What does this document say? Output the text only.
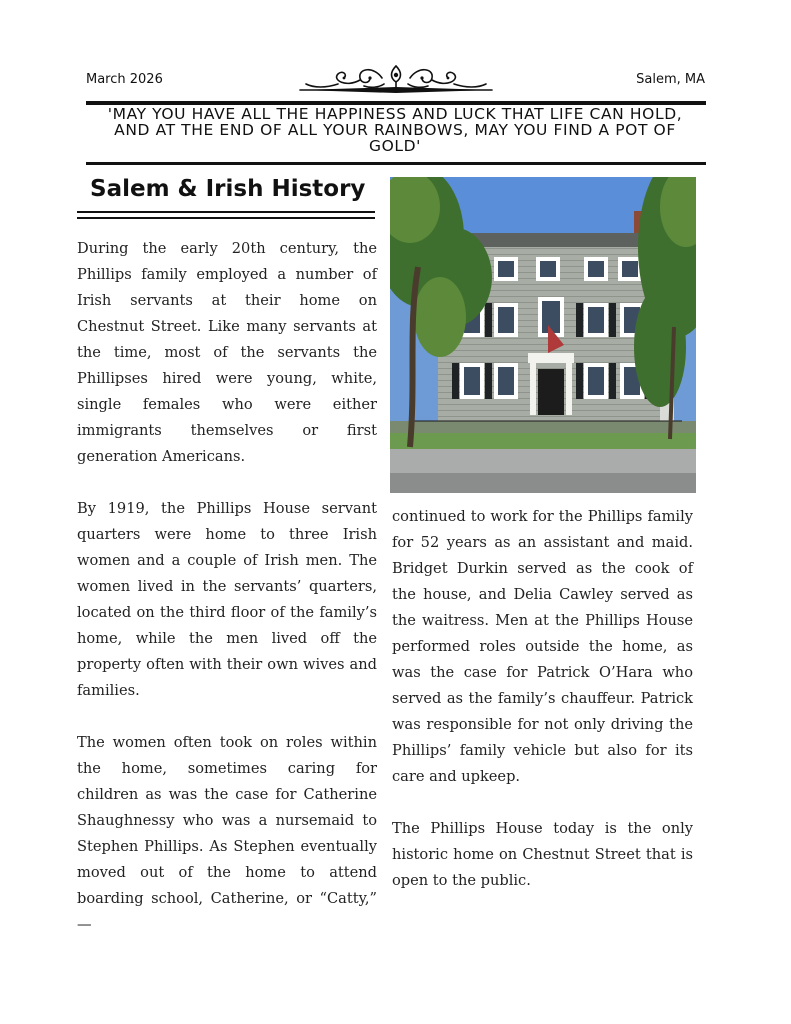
March 2026	Salem, MA
'MAY YOU HAVE ALL THE HAPPINESS AND LUCK THAT LIFE CAN HOLD, AND AT THE END OF ALL YOUR RAINBOWS, MAY YOU FIND A POT OF GOLD'
Salem & Irish History

During the early 20th century, the Phillips family employed a number of Irish servants at their home on Chestnut Street. Like many servants at the time, most of the servants the Phillipses hired were young, white, single females who were either immigrants themselves or first generation Americans.

By 1919, the Phillips House servant quarters were home to three Irish women and a couple of Irish men. The women lived in the servants’ quarters, located on the third floor of the family’s home, while the men lived off the property often with their own wives and families.

The women often took on roles within the home, sometimes caring for children as was the case for Catherine Shaughnessy who was a nursemaid to Stephen Phillips. As Stephen eventually moved out of the home to attend boarding school, Catherine, or “Catty,” —

continued to work for the Phillips family for 52 years as an assistant and maid. Bridget Durkin served as the cook of the house, and Delia Cawley served as the waitress. Men at the Phillips House performed roles outside the home, as was the case for Patrick O’Hara who served as the family’s chauffeur. Patrick was responsible for not only driving the Phillips’ family vehicle but also for its care and upkeep.

The Phillips House today is the only historic home on Chestnut Street that is open to the public.
